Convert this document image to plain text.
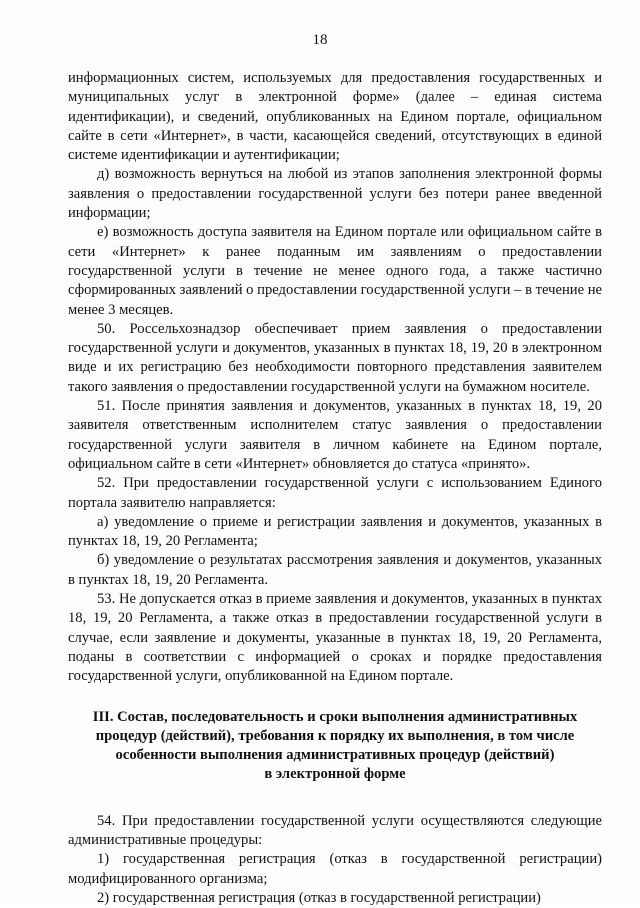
18

информационных систем, используемых для предоставления государственных и муниципальных услуг в электронной форме» (далее – единая система идентификации), и сведений, опубликованных на Едином портале, официальном сайте в сети «Интернет», в части, касающейся сведений, отсутствующих в единой системе идентификации и аутентификации;

д) возможность вернуться на любой из этапов заполнения электронной формы заявления о предоставлении государственной услуги без потери ранее введенной информации;

е) возможность доступа заявителя на Едином портале или официальном сайте в сети «Интернет» к ранее поданным им заявлениям о предоставлении государственной услуги в течение не менее одного года, а также частично сформированных заявлений о предоставлении государственной услуги – в течение не менее 3 месяцев.

50. Россельхознадзор обеспечивает прием заявления о предоставлении государственной услуги и документов, указанных в пунктах 18, 19, 20 в электронном виде и их регистрацию без необходимости повторного представления заявителем такого заявления о предоставлении государственной услуги на бумажном носителе.

51. После принятия заявления и документов, указанных в пунктах 18, 19, 20 заявителя ответственным исполнителем статус заявления о предоставлении государственной услуги заявителя в личном кабинете на Едином портале, официальном сайте в сети «Интернет» обновляется до статуса «принято».

52. При предоставлении государственной услуги с использованием Единого портала заявителю направляется:

а) уведомление о приеме и регистрации заявления и документов, указанных в пунктах 18, 19, 20 Регламента;

б) уведомление о результатах рассмотрения заявления и документов, указанных в пунктах 18, 19, 20 Регламента.

53. Не допускается отказ в приеме заявления и документов, указанных в пунктах 18, 19, 20 Регламента, а также отказ в предоставлении государственной услуги в случае, если заявление и документы, указанные в пунктах 18, 19, 20 Регламента, поданы в соответствии с информацией о сроках и порядке предоставления государственной услуги, опубликованной на Едином портале.

III. Состав, последовательность и сроки выполнения административных
процедур (действий), требования к порядку их выполнения, в том числе
особенности выполнения административных процедур (действий)
в электронной форме

54. При предоставлении государственной услуги осуществляются следующие административные процедуры:

1) государственная регистрация (отказ в государственной регистрации) модифицированного организма;

2) государственная регистрация (отказ в государственной регистрации)
